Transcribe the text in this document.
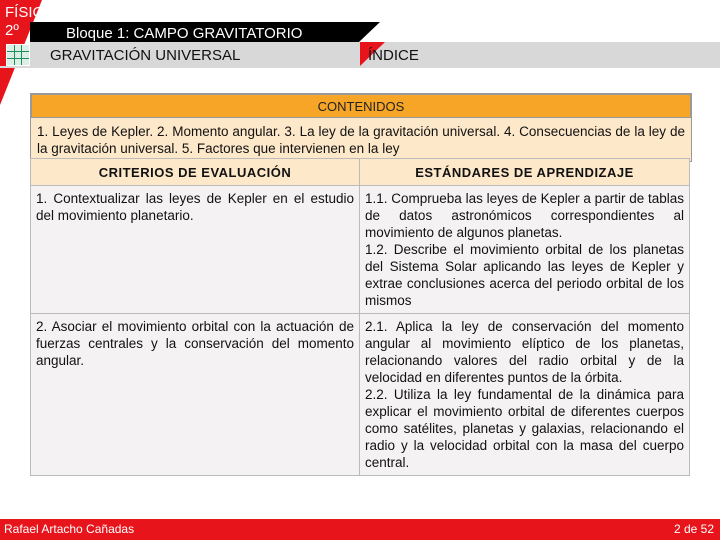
FÍSICA
2º	Bloque 1: CAMPO GRAVITATORIO
GRAVITACIÓN UNIVERSAL	ÍNDICE
CONTENIDOS
1. Leyes de Kepler. 2. Momento angular. 3. La ley de la gravitación universal. 4. Consecuencias de la ley de la gravitación universal. 5. Factores que intervienen en la ley
CRITERIOS DE EVALUACIÓN	ESTÁNDARES DE APRENDIZAJE
1. Contextualizar las leyes de Kepler en el estudio del movimiento planetario.	1.1. Comprueba las leyes de Kepler a partir de tablas de datos astronómicos correspondientes al movimiento de algunos planetas.

1.2. Describe el movimiento orbital de los planetas del Sistema Solar aplicando las leyes de Kepler y extrae conclusiones acerca del periodo orbital de los mismos

2. Asociar el movimiento orbital con la actuación de fuerzas centrales y la conservación del momento angular.	2.1. Aplica la ley de conservación del momento angular al movimiento elíptico de los planetas, relacionando valores del radio orbital y de la velocidad en diferentes puntos de la órbita.

2.2. Utiliza la ley fundamental de la dinámica para explicar el movimiento orbital de diferentes cuerpos como satélites, planetas y galaxias, relacionando el radio y la velocidad orbital con la masa del cuerpo central.

Rafael Artacho Cañadas	2 de 52
